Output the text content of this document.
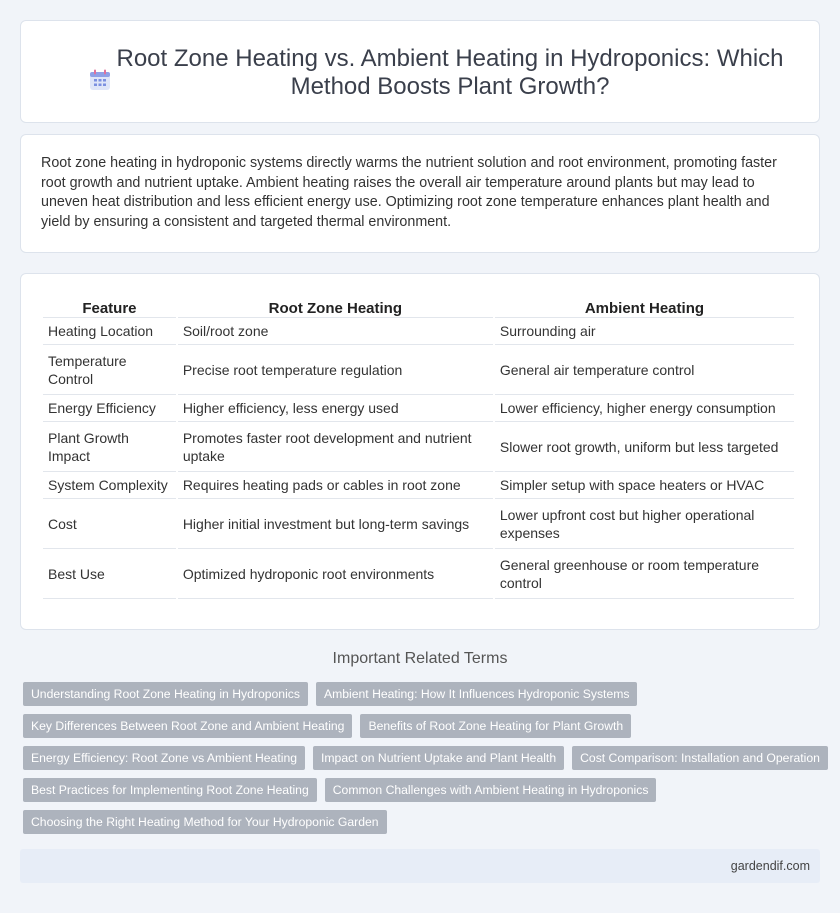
Root Zone Heating vs. Ambient Heating in Hydroponics: Which Method Boosts Plant Growth?

Root zone heating in hydroponic systems directly warms the nutrient solution and root environment, promoting faster root growth and nutrient uptake. Ambient heating raises the overall air temperature around plants but may lead to uneven heat distribution and less efficient energy use. Optimizing root zone temperature enhances plant health and yield by ensuring a consistent and targeted thermal environment.

Feature	Root Zone Heating	Ambient Heating
Heating Location	Soil/root zone	Surrounding air
Temperature Control	Precise root temperature regulation	General air temperature control
Energy Efficiency	Higher efficiency, less energy used	Lower efficiency, higher energy consumption
Plant Growth Impact	Promotes faster root development and nutrient uptake	Slower root growth, uniform but less targeted
System Complexity	Requires heating pads or cables in root zone	Simpler setup with space heaters or HVAC
Cost	Higher initial investment but long-term savings	Lower upfront cost but higher operational expenses
Best Use	Optimized hydroponic root environments	General greenhouse or room temperature control
Important Related Terms
Understanding Root Zone Heating in Hydroponics	Ambient Heating: How It Influences Hydroponic Systems
Key Differences Between Root Zone and Ambient Heating	Benefits of Root Zone Heating for Plant Growth
Energy Efficiency: Root Zone vs Ambient Heating	Impact on Nutrient Uptake and Plant Health	Cost Comparison: Installation and Operation
Best Practices for Implementing Root Zone Heating	Common Challenges with Ambient Heating in Hydroponics
Choosing the Right Heating Method for Your Hydroponic Garden
gardendif.com
